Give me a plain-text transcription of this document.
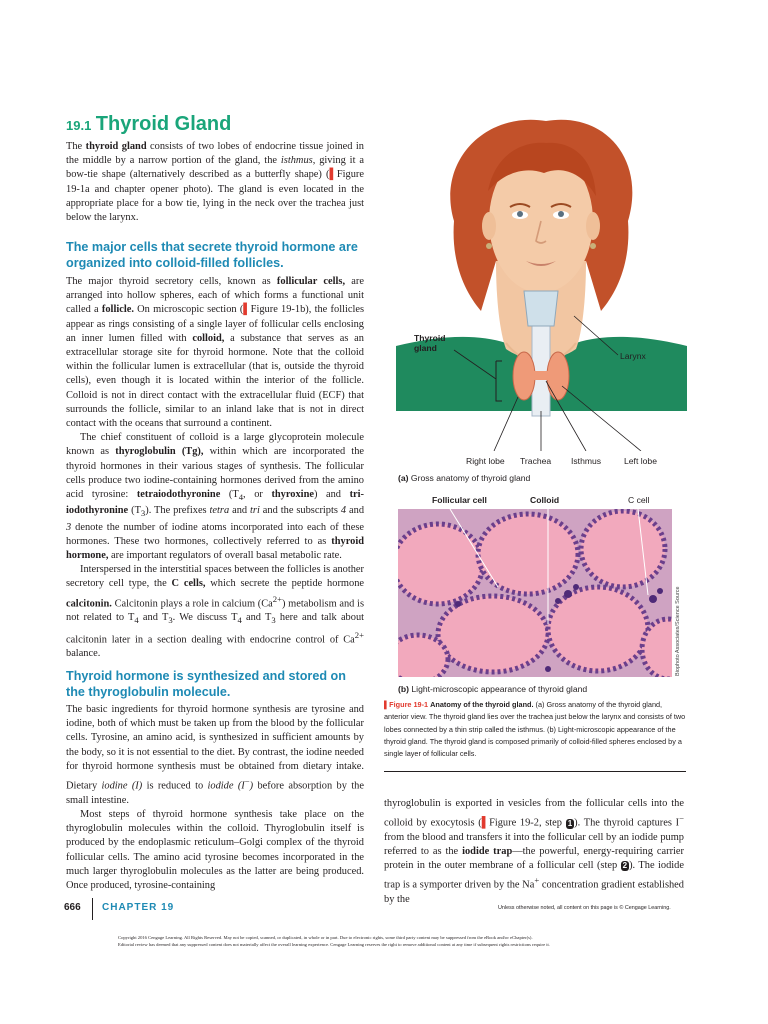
19.1 Thyroid Gland

The thyroid gland consists of two lobes of endocrine tissue joined in the middle by a narrow portion of the gland, the isthmus, giving it a bow-tie shape (alternatively described as a butterfly shape) (▌Figure 19-1a and chapter opener photo). The gland is even located in the appropriate place for a bow tie, lying in the neck over the trachea just below the larynx.

The major cells that secrete thyroid hormone are organized into colloid-filled follicles.

The major thyroid secretory cells, known as follicular cells, are arranged into hollow spheres, each of which forms a functional unit called a follicle. On microscopic section (▌Figure 19-1b), the follicles appear as rings consisting of a single layer of follicular cells enclosing an inner lumen filled with colloid, a substance that serves as an extracellular storage site for thyroid hormone. Note that the colloid within the follicular lumen is extracellular (that is, outside the thyroid cells), even though it is located within the interior of the follicle. Colloid is not in direct contact with the extracellular fluid (ECF) that surrounds the follicle, similar to an inland lake that is not in direct contact with the oceans that surround a continent.

The chief constituent of colloid is a large glycoprotein molecule known as thyroglobulin (Tg), within which are incorporated the thyroid hormones in their various stages of synthesis. The follicular cells produce two iodine-containing hormones derived from the amino acid tyrosine: tetraiodothyronine ($T_4$, or thyroxine) and tri-iodothyronine $(T_3)$. The prefixes tetra and tri and the subscripts 4 and 3 denote the number of iodine atoms incorporated into each of these hormones. These two hormones, collectively referred to as thyroid hormone, are important regulators of overall basal metabolic rate.

Interspersed in the interstitial spaces between the follicles is another secretory cell type, the C cells, which secrete the peptide hormone calcitonin. Calcitonin plays a role in calcium $(Ca^{2+})$ metabolism and is not related to $T_4$ and $T_3$. We discuss $T_4$ and $T_3$ here and talk about calcitonin later in a section dealing with endocrine control of $Ca^{2+}$ balance.

Thyroid hormone is synthesized and stored on the thyroglobulin molecule.

The basic ingredients for thyroid hormone synthesis are tyrosine and iodine, both of which must be taken up from the blood by the follicular cells. Tyrosine, an amino acid, is synthesized in sufficient amounts by the body, so it is not essential to the diet. By contrast, the iodine needed for thyroid hormone synthesis must be obtained from dietary intake. Dietary iodine (I) is reduced to iodide (I−) before absorption by the small intestine.

Most steps of thyroid hormone synthesis take place on the thyroglobulin molecules within the colloid. Thyroglobulin itself is produced by the endoplasmic reticulum–Golgi complex of the thyroid follicular cells. The amino acid tyrosine becomes incorporated in the much larger thyroglobulin molecules as the latter are being produced. Once produced, tyrosine-containing

thyroglobulin is exported in vesicles from the follicular cells into the colloid by exocytosis (▌Figure 19-2, step 1 ). The thyroid captures I− from the blood and transfers it into the follicular cell by an iodide pump referred to as the iodide trap—the powerful, energy-requiring carrier protein in the outer membrane of a follicular cell (step 2 ). The iodide trap is a symporter driven by the Na+ concentration gradient established by the

Thyroid
gland
Larynx
Right lobe Trachea Isthmus	Left lobe
(a) Gross anatomy of thyroid gland
Follicular cell	Colloid	C cell
Biophoto Associates/Science Source
(b) Light-microscopic appearance of thyroid gland
▌Figure 19-1 Anatomy of the thyroid gland. (a) Gross anatomy of the thyroid gland, anterior view. The thyroid gland lies over the trachea just below the larynx and consists of two lobes connected by a thin strip called the isthmus. (b) Light-microscopic appearance of the thyroid gland. The thyroid gland is composed primarily of colloid-filled spheres enclosed by a single layer of follicular cells.
666 CHAPTER 19	Unless otherwise noted, all content on this page is © Cengage Learning.
Copyright 2016 Cengage Learning. All Rights Reserved. May not be copied, scanned, or duplicated, in whole or in part. Due to electronic rights, some third party content may be suppressed from the eBook and/or eChapter(s).
Editorial review has deemed that any suppressed content does not materially affect the overall learning experience. Cengage Learning reserves the right to remove additional content at any time if subsequent rights restrictions require it.
